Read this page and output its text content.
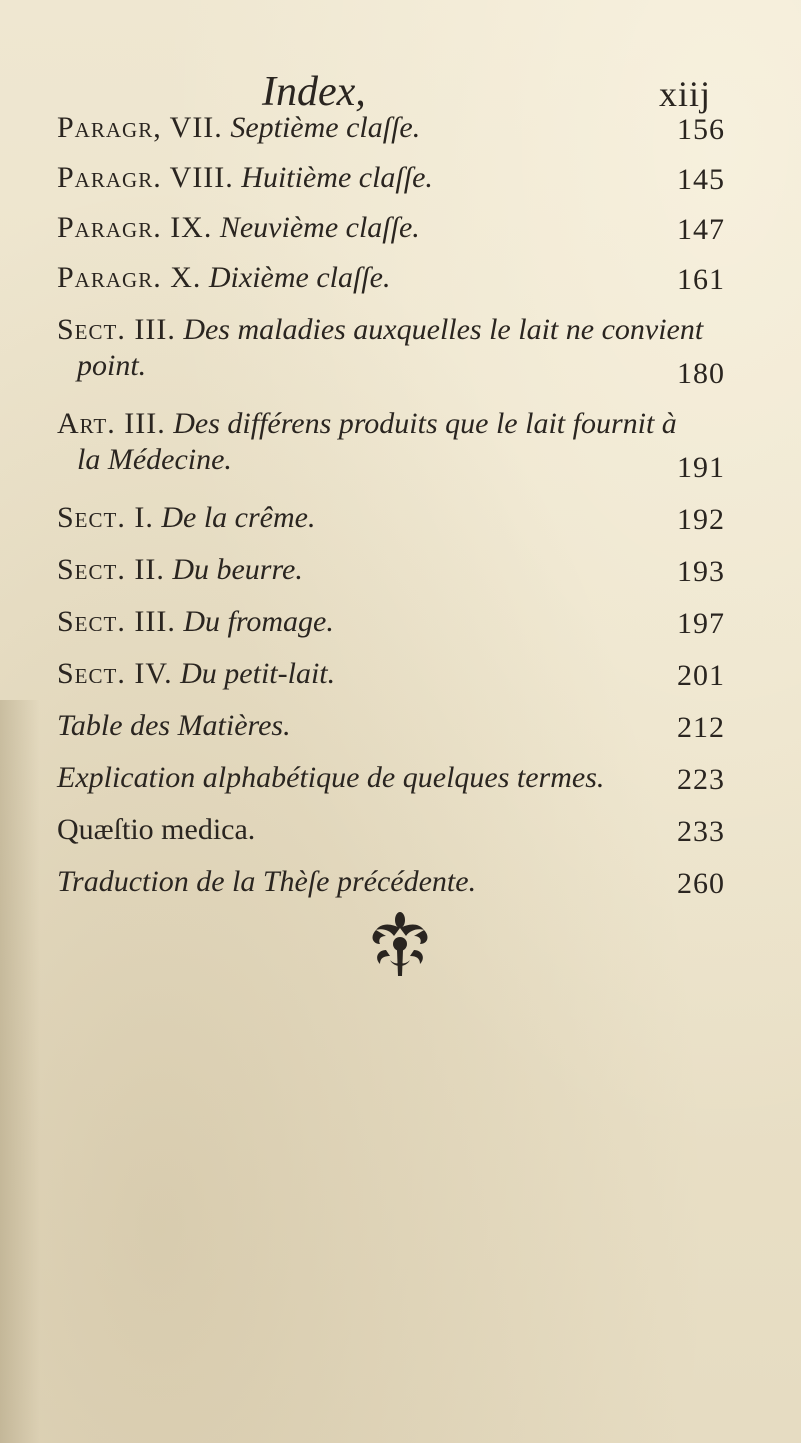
Index,	xiij
Paragr, VII. Septième claſſe.	156
Paragr. VIII. Huitième claſſe.	145
Paragr. IX. Neuvième claſſe.	147
Paragr. X. Dixième claſſe.	161
Sect. III. Des maladies auxquelles le lait ne convient
point.	180
Art. III. Des différens produits que le lait fournit à
la Médecine.	191
Sect. I. De la crême.	192
Sect. II. Du beurre.	193
Sect. III. Du fromage.	197
Sect. IV. Du petit-lait.	201
Table des Matières.	212
Explication alphabétique de quelques termes. 223
Quæſtio medica.	233
Traduction de la Thèſe précédente.	260
